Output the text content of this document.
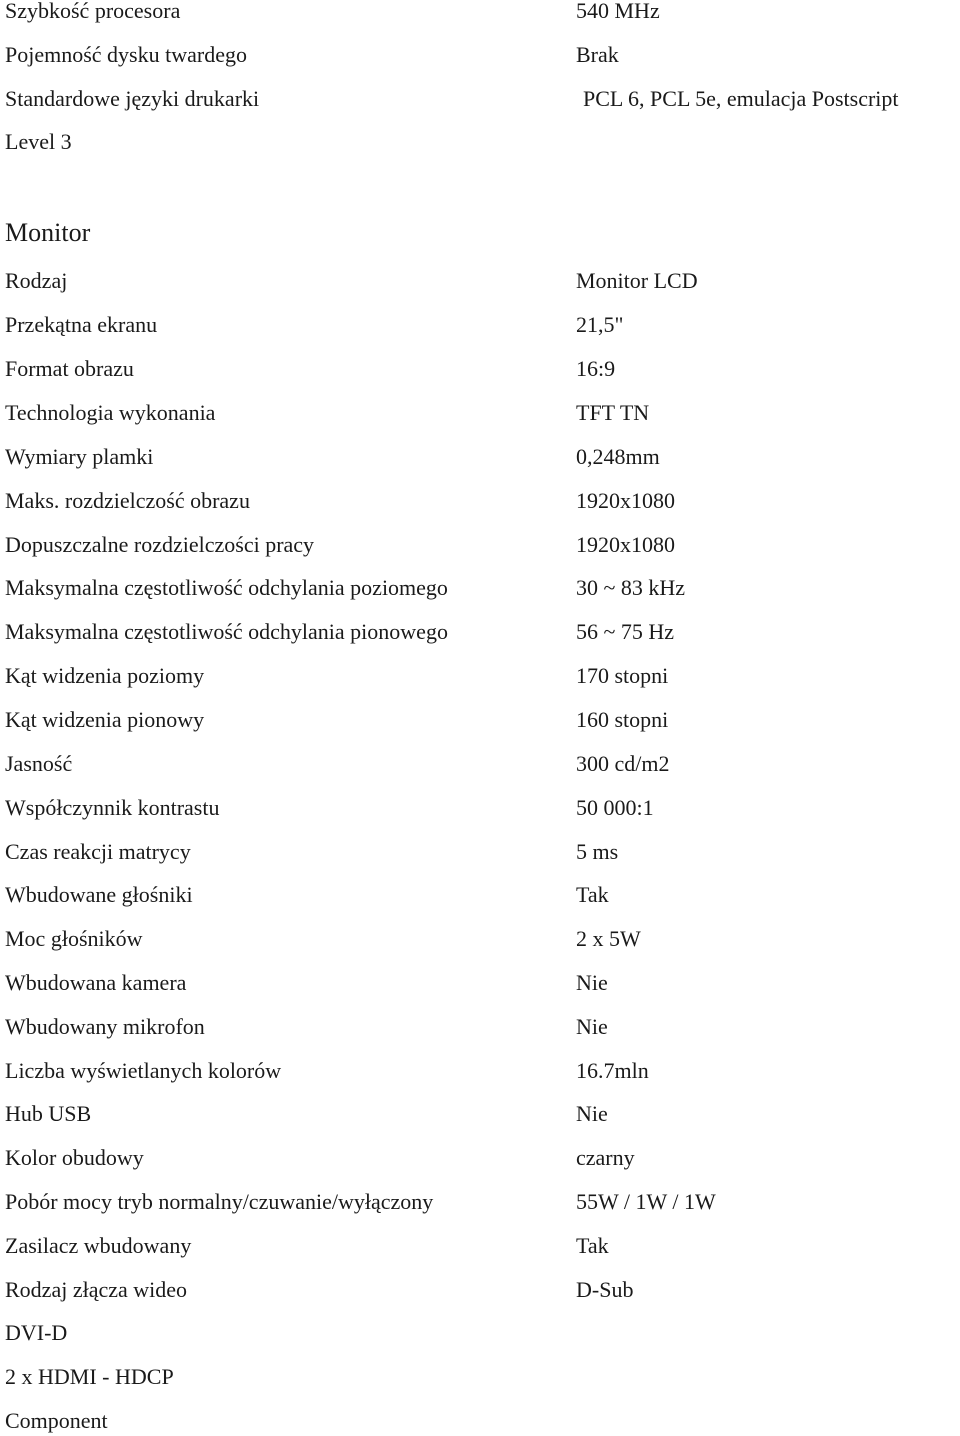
Szybkość procesora	540 MHz
Pojemność dysku twardego	Brak
Standardowe języki drukarki	PCL 6, PCL 5e, emulacja Postscript
Level 3
Monitor
Rodzaj	Monitor LCD
Przekątna ekranu	21,5"
Format obrazu	16:9
Technologia wykonania	TFT TN
Wymiary plamki	0,248mm
Maks. rozdzielczość obrazu	1920x1080
Dopuszczalne rozdzielczości pracy	1920x1080
Maksymalna częstotliwość odchylania poziomego	30 ~ 83 kHz
Maksymalna częstotliwość odchylania pionowego	56 ~ 75 Hz
Kąt widzenia poziomy	170 stopni
Kąt widzenia pionowy	160 stopni
Jasność	300 cd/m2
Współczynnik kontrastu	50 000:1
Czas reakcji matrycy	5 ms
Wbudowane głośniki	Tak
Moc głośników	2 x 5W
Wbudowana kamera	Nie
Wbudowany mikrofon	Nie
Liczba wyświetlanych kolorów	16.7mln
Hub USB	Nie
Kolor obudowy	czarny
Pobór mocy tryb normalny/czuwanie/wyłączony	55W / 1W / 1W
Zasilacz wbudowany	Tak
Rodzaj złącza wideo	D-Sub
DVI-D
2 x HDMI - HDCP
Component
